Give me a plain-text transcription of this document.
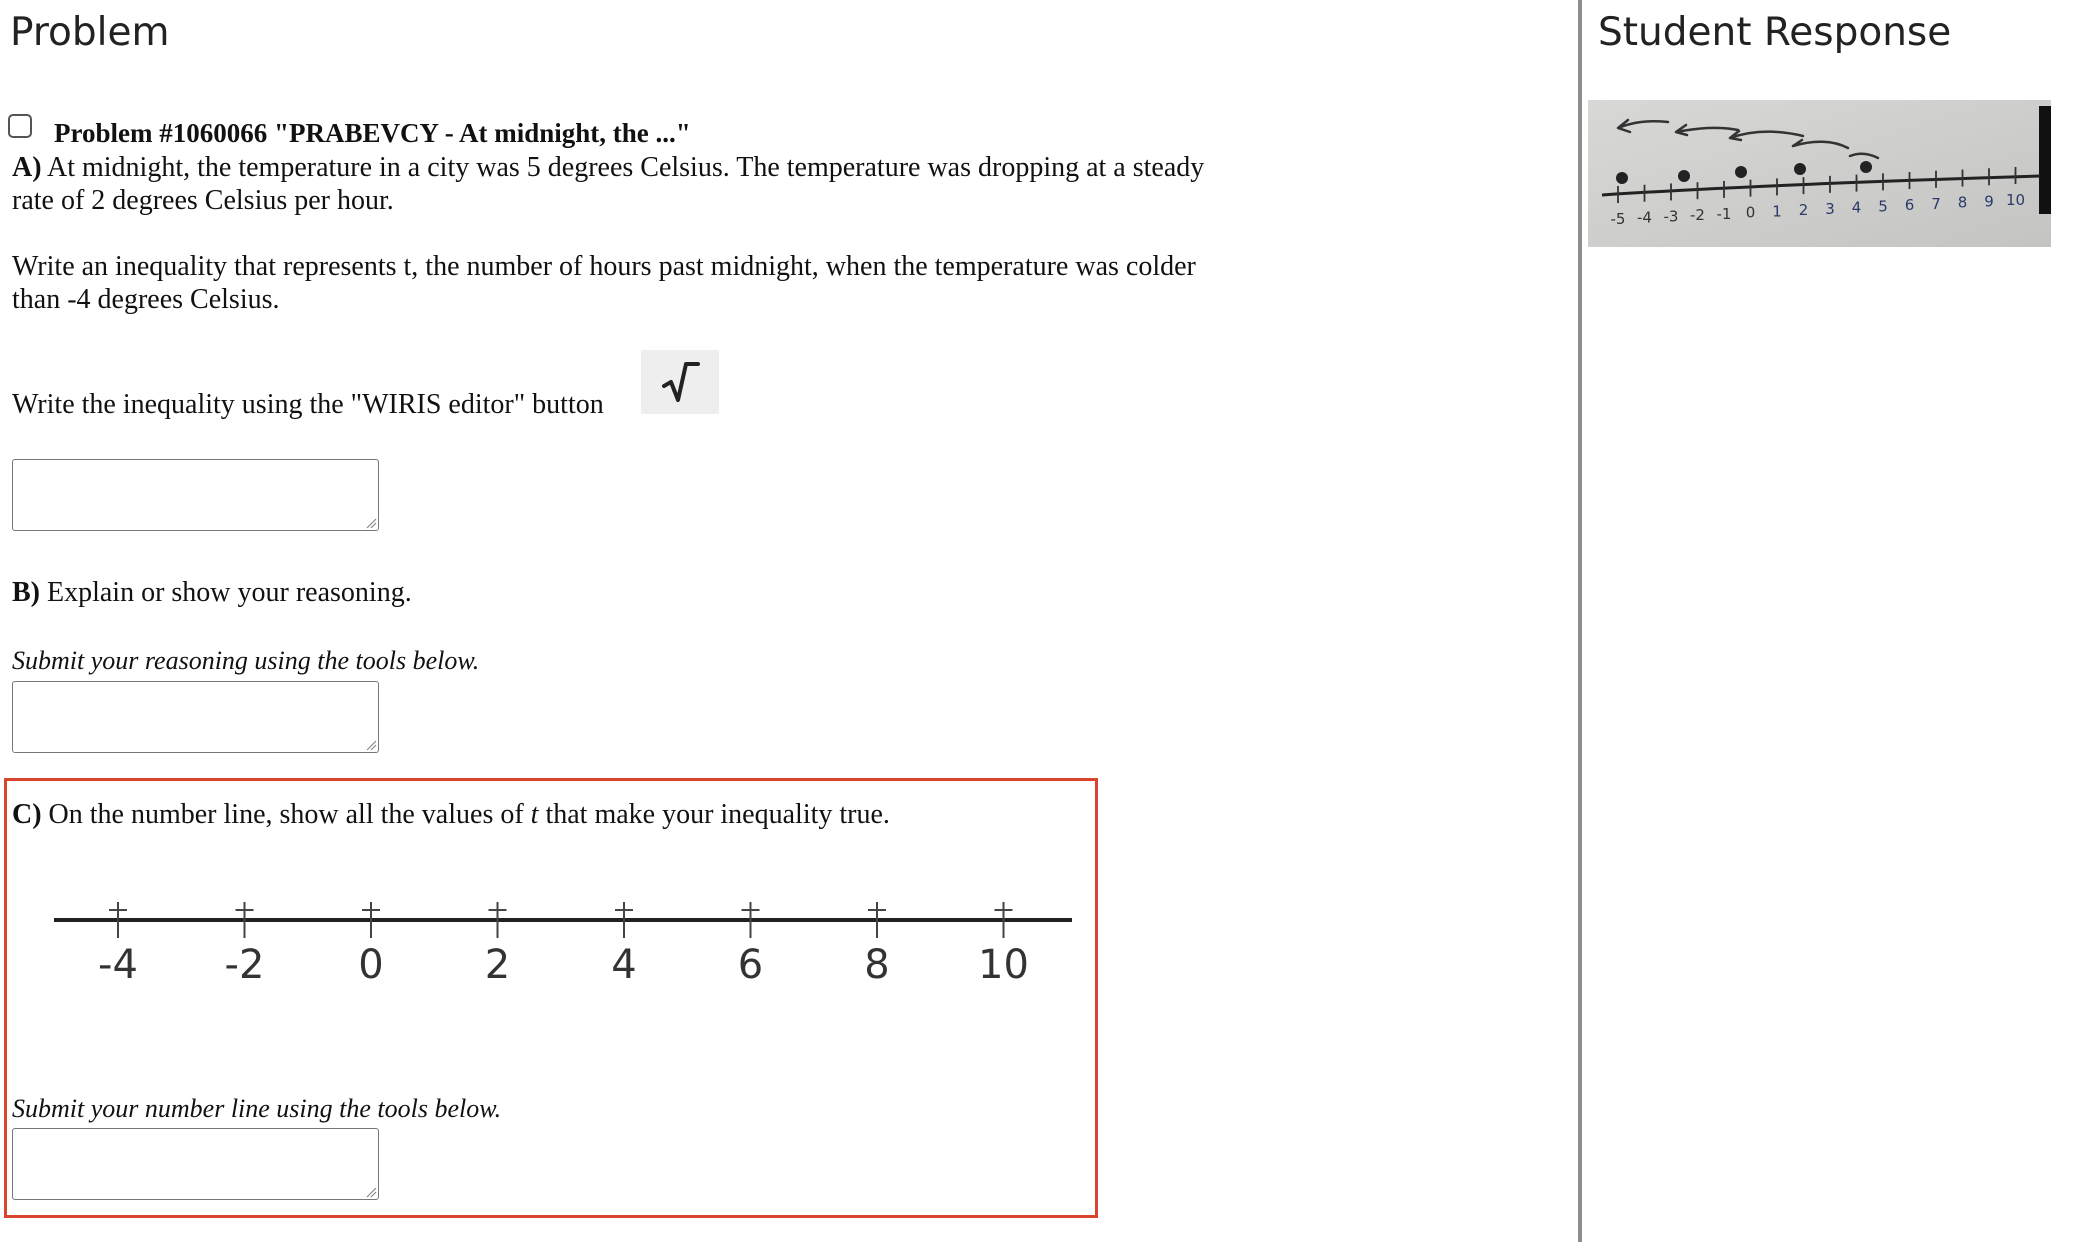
Problem
Problem #1060066 "PRABEVCY - At midnight, the ..."
A) At midnight, the temperature in a city was 5 degrees Celsius. The temperature was dropping at a steady
rate of 2 degrees Celsius per hour.
Write an inequality that represents t, the number of hours past midnight, when the temperature was colder
than -4 degrees Celsius.
Write the inequality using the "WIRIS editor" button
B) Explain or show your reasoning.
Submit your reasoning using the tools below.
C) On the number line, show all the values of t that make your inequality true.
-4 -2 0	2	4	6	8 10
Submit your number line using the tools below.
Student Response
-5 -4 -3 -2 -1 0 1 2 3 4 5 6 7 8 9 10
